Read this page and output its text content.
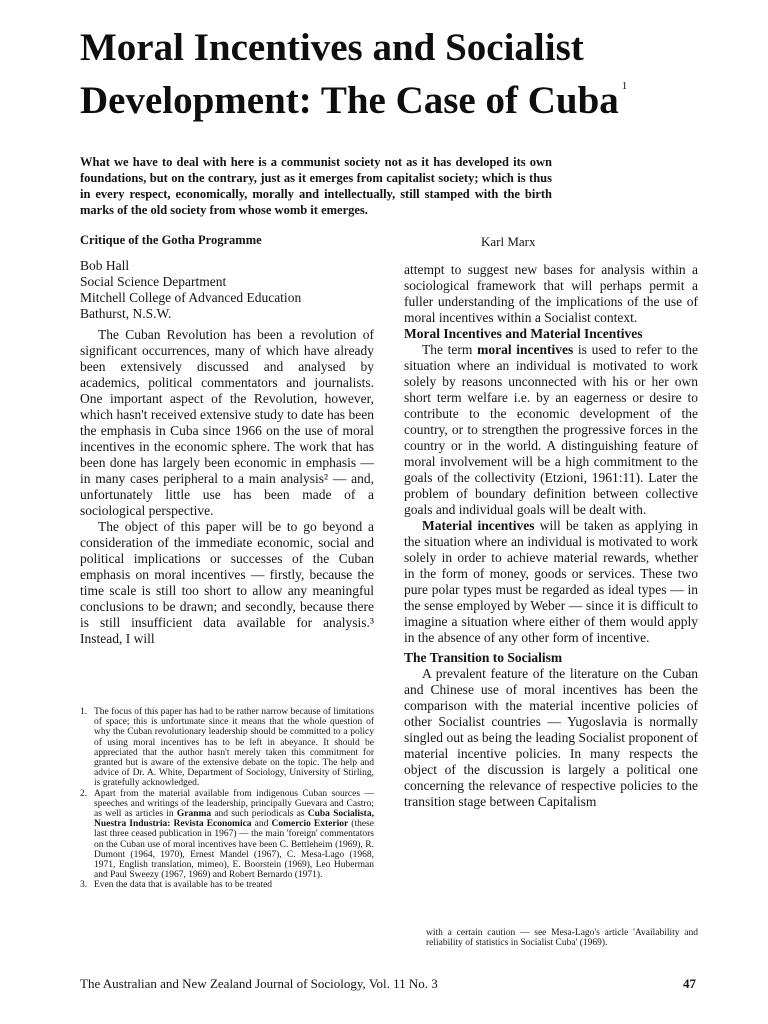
Moral Incentives and Socialist Development: The Case of Cuba $^1$
What we have to deal with here is a communist society not as it has developed its own foundations, but on the contrary, just as it emerges from capitalist society; which is thus in every respect, economically, morally and intellectually, still stamped with the birth marks of the old society from whose womb it emerges.
Critique of the Gotha Programme	Karl Marx
Bob Hall
Social Science Department
Mitchell College of Advanced Education
Bathurst, N.S.W.

The Cuban Revolution has been a revolution of significant occurrences, many of which have already been extensively discussed and analysed by academics, political commentators and journalists. One important aspect of the Revolution, however, which hasn't received extensive study to date has been the emphasis in Cuba since 1966 on the use of moral incentives in the economic sphere. The work that has been done has largely been economic in emphasis — in many cases peripheral to a main analysis² — and, unfortunately little use has been made of a sociological perspective.

The object of this paper will be to go beyond a consideration of the immediate economic, social and political implications or successes of the Cuban emphasis on moral incentives — firstly, because the time scale is still too short to allow any meaningful conclusions to be drawn; and secondly, because there is still insufficient data available for analysis.³ Instead, I will

1. The focus of this paper has had to be rather narrow because of limitations of space; this is unfortunate since it means that the whole question of why the Cuban revolutionary leadership should be committed to a policy of using moral incentives has to be left in abeyance. It should be appreciated that the author hasn't merely taken this commitment for granted but is aware of the extensive debate on the topic. The help and advice of Dr. A. White, Department of Sociology, University of Stirling, is gratefully acknowledged.
2. Apart from the material available from indigenous Cuban sources — speeches and writings of the leadership, principally Guevara and Castro; as well as articles in Granma and such periodicals as Cuba Socialista, Nuestra Industria: Revista Economica and Comercio Exterior (these last three ceased publication in 1967) — the main 'foreign' commentators on the Cuban use of moral incentives have been C. Bettleheim (1969), R. Dumont (1964, 1970), Ernest Mandel (1967), C. Mesa-Lago (1968, 1971, English translation, mimeo), E. Boorstein (1969), Leo Huberman and Paul Sweezy (1967, 1969) and Robert Bernardo (1971).
3. Even the data that is available has to be treated

attempt to suggest new bases for analysis within a sociological framework that will perhaps permit a fuller understanding of the implications of the use of moral incentives within a Socialist context.

Moral Incentives and Material Incentives

The term moral incentives is used to refer to the situation where an individual is motivated to work solely by reasons unconnected with his or her own short term welfare i.e. by an eagerness or desire to contribute to the economic development of the country, or to strengthen the progressive forces in the country or in the world. A distinguishing feature of moral involvement will be a high commitment to the goals of the collectivity (Etzioni, 1961:11). Later the problem of boundary definition between collective goals and individual goals will be dealt with.

Material incentives will be taken as applying in the situation where an individual is motivated to work solely in order to achieve material rewards, whether in the form of money, goods or services. These two pure polar types must be regarded as ideal types — in the sense employed by Weber — since it is difficult to imagine a situation where either of them would apply in the absence of any other form of incentive.

The Transition to Socialism

A prevalent feature of the literature on the Cuban and Chinese use of moral incentives has been the comparison with the material incentive policies of other Socialist countries — Yugoslavia is normally singled out as being the leading Socialist proponent of material incentive policies. In many respects the object of the discussion is largely a political one concerning the relevance of respective policies to the transition stage between Capitalism

with a certain caution — see Mesa-Lago's article 'Availability and reliability of statistics in Socialist Cuba' (1969).
The Australian and New Zealand Journal of Sociology, Vol. 11 No. 3	47
